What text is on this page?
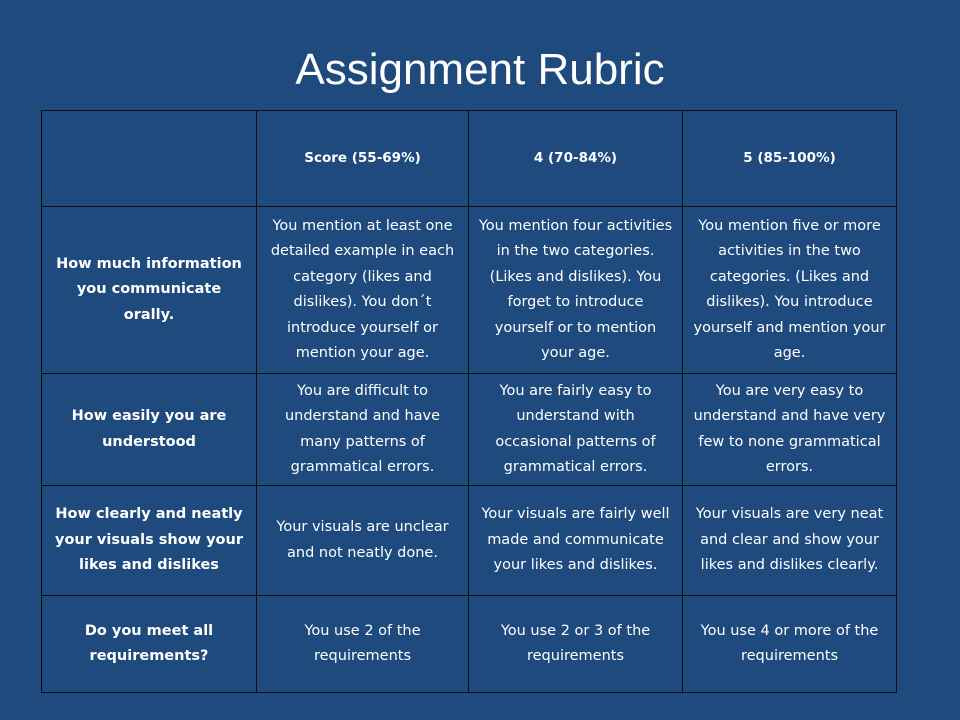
Assignment Rubric
	Score (55-69%)	4 (70-84%)	5 (85-100%)
How much information you communicate orally.	You mention at least one detailed example in each category (likes and dislikes). You don´t introduce yourself or mention your age.	You mention four activities in the two categories. (Likes and dislikes). You forget to introduce yourself or to mention your age.	You mention five or more activities in the two categories. (Likes and dislikes). You introduce yourself and mention your age.
How easily you are understood	You are difficult to understand and have many patterns of grammatical errors.	You are fairly easy to understand with occasional patterns of grammatical errors.	You are very easy to understand and have very few to none grammatical errors.
How clearly and neatly your visuals show your likes and dislikes	Your visuals are unclear and not neatly done.	Your visuals are fairly well made and communicate your likes and dislikes.	Your visuals are very neat and clear and show your likes and dislikes clearly.
Do you meet all requirements?	You use 2 of the requirements	You use 2 or 3 of the requirements	You use 4 or more of the requirements
